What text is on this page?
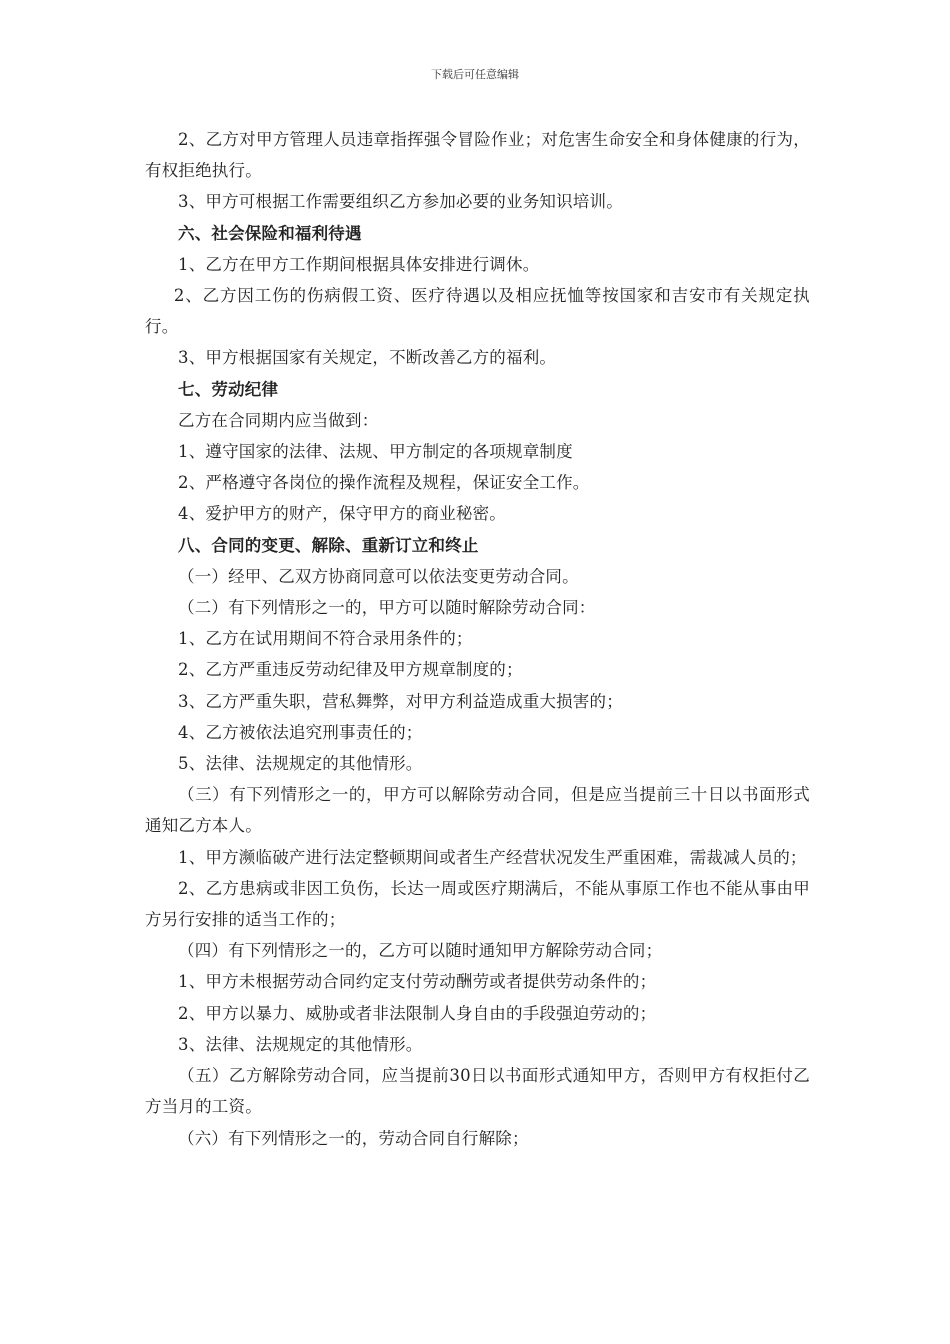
下载后可任意编辑

2、乙方对甲方管理人员违章指挥强令冒险作业；对危害生命安全和身体健康的行为，有权拒绝执行。

3、甲方可根据工作需要组织乙方参加必要的业务知识培训。

六、社会保险和福利待遇

1、乙方在甲方工作期间根据具体安排进行调休。

2、乙方因工伤的伤病假工资、医疗待遇以及相应抚恤等按国家和吉安市有关规定执行。

3、甲方根据国家有关规定，不断改善乙方的福利。

七、劳动纪律

乙方在合同期内应当做到：

1、遵守国家的法律、法规、甲方制定的各项规章制度

2、严格遵守各岗位的操作流程及规程，保证安全工作。

4、爱护甲方的财产，保守甲方的商业秘密。

八、合同的变更、解除、重新订立和终止

（一）经甲、乙双方协商同意可以依法变更劳动合同。

（二）有下列情形之一的，甲方可以随时解除劳动合同：

1、乙方在试用期间不符合录用条件的；

2、乙方严重违反劳动纪律及甲方规章制度的；

3、乙方严重失职，营私舞弊，对甲方利益造成重大损害的；

4、乙方被依法追究刑事责任的；

5、法律、法规规定的其他情形。

（三）有下列情形之一的，甲方可以解除劳动合同，但是应当提前三十日以书面形式通知乙方本人。

1、甲方濒临破产进行法定整顿期间或者生产经营状况发生严重困难，需裁减人员的；

2、乙方患病或非因工负伤，长达一周或医疗期满后，不能从事原工作也不能从事由甲方另行安排的适当工作的；

（四）有下列情形之一的，乙方可以随时通知甲方解除劳动合同；

1、甲方未根据劳动合同约定支付劳动酬劳或者提供劳动条件的；

2、甲方以暴力、威胁或者非法限制人身自由的手段强迫劳动的；

3、法律、法规规定的其他情形。

（五）乙方解除劳动合同，应当提前30日以书面形式通知甲方，否则甲方有权拒付乙方当月的工资。

（六）有下列情形之一的，劳动合同自行解除；
